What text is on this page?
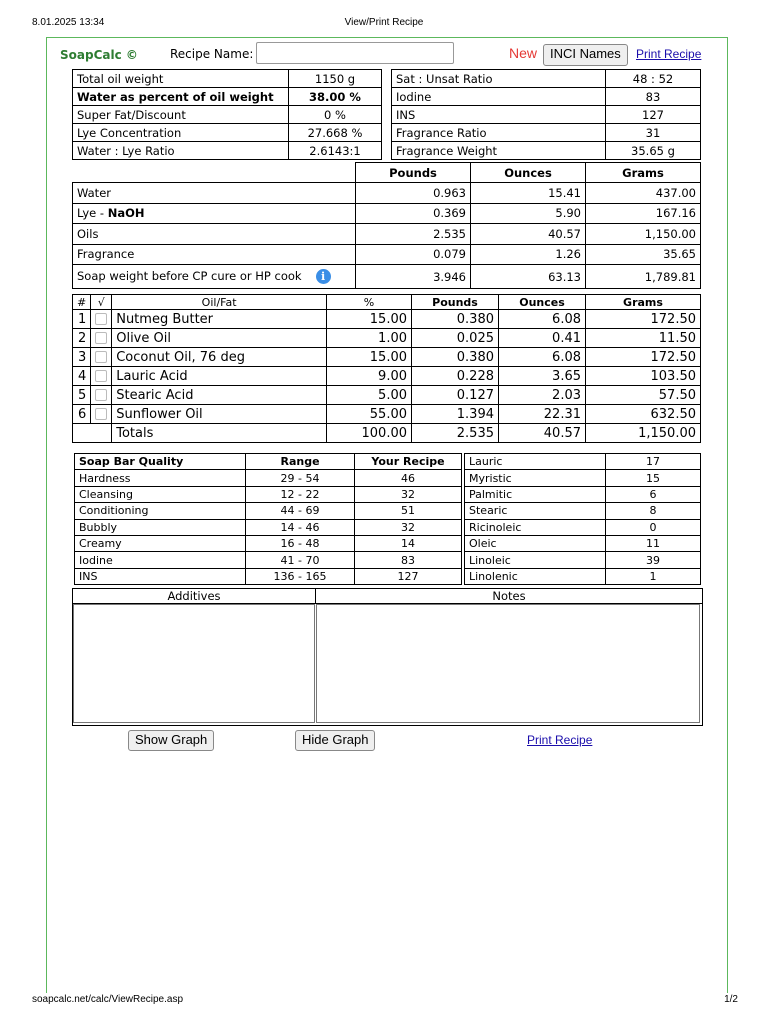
8.01.2025 13:34	View/Print Recipe
SoapCalc ©	Recipe Name:	New INCI Names	Print Recipe
Total oil weight	1150 g
Water as percent of oil weight	38.00 %
Super Fat/Discount	0 %
Lye Concentration	27.668 %
Water : Lye Ratio	2.6143:1
Sat : Unsat Ratio	48 : 52
Iodine	83
INS	127
Fragrance Ratio	31
Fragrance Weight	35.65 g
	Pounds	Ounces	Grams
Water	0.963	15.41	437.00
Lye - NaOH	0.369	5.90	167.16
Oils	2.535	40.57	1,150.00
Fragrance	0.079	1.26	35.65
Soap weight before CP cure or HP cook i	3.946	63.13	1,789.81
#	√	Oil/Fat	%	Pounds	Ounces	Grams
1		Nutmeg Butter	15.00	0.380	6.08	172.50
2		Olive Oil	1.00	0.025	0.41	11.50
3		Coconut Oil, 76 deg	15.00	0.380	6.08	172.50
4		Lauric Acid	9.00	0.228	3.65	103.50
5		Stearic Acid	5.00	0.127	2.03	57.50
6		Sunflower Oil	55.00	1.394	22.31	632.50
		Totals	100.00	2.535	40.57	1,150.00
Soap Bar Quality	Range	Your Recipe
Hardness	29 - 54	46
Cleansing	12 - 22	32
Conditioning	44 - 69	51
Bubbly	14 - 46	32
Creamy	16 - 48	14
Iodine	41 - 70	83
INS	136 - 165	127
Lauric	17
Myristic	15
Palmitic	6
Stearic	8
Ricinoleic	0
Oleic	11
Linoleic	39
Linolenic	1
Additives	Notes
Show Graph	Hide Graph	Print Recipe
soapcalc.net/calc/ViewRecipe.asp	1/2
